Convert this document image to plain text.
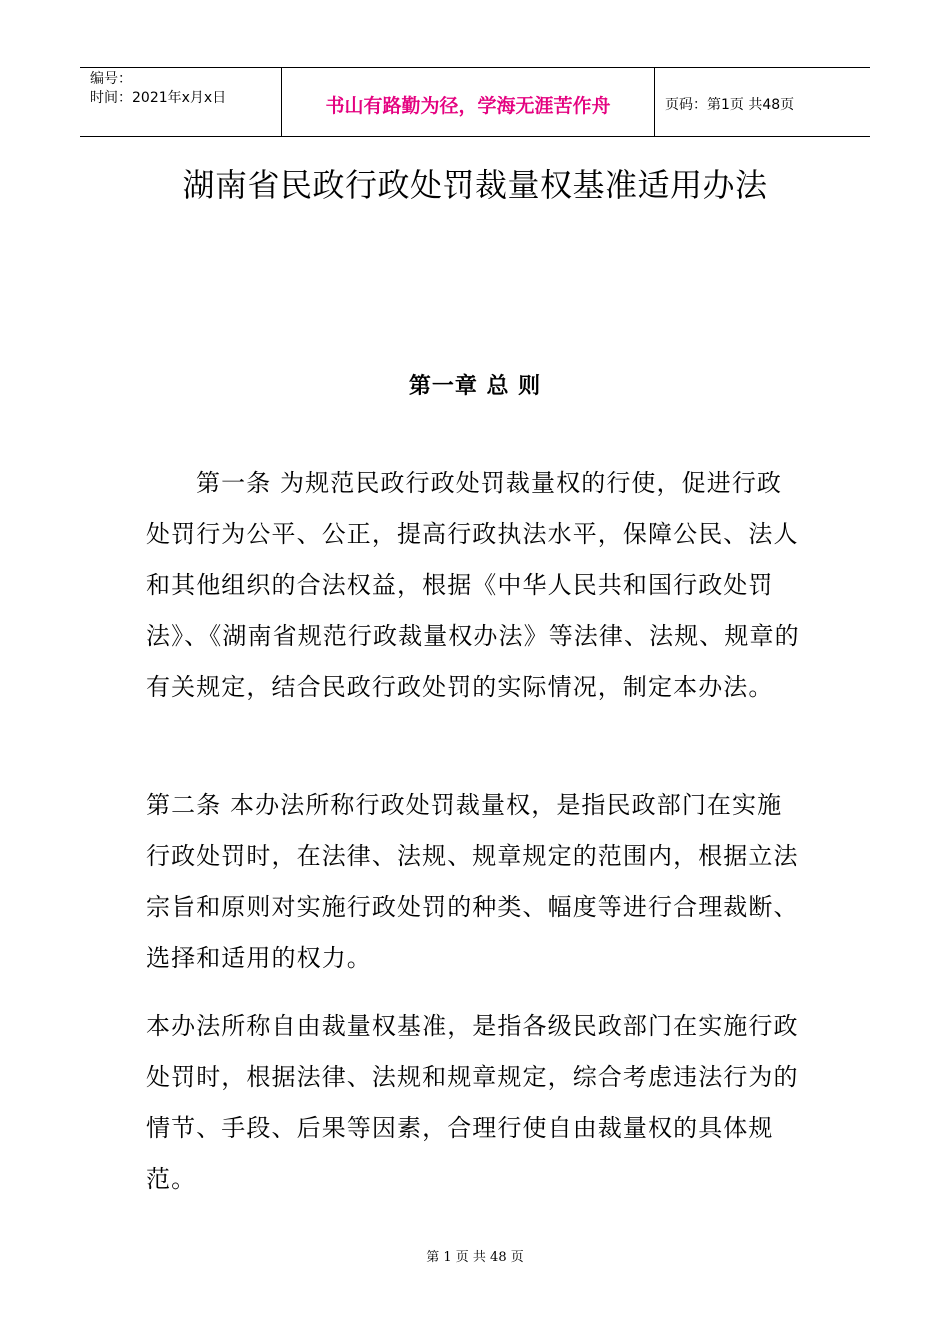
编号：
时间：2021年x月x日	书山有路勤为径，学海无涯苦作舟	页码：第1页 共48页
湖南省民政行政处罚裁量权基准适用办法
第一章 总 则

第一条 为规范民政行政处罚裁量权的行使，促进行政处罚行为公平、公正，提高行政执法水平，保障公民、法人和其他组织的合法权益，根据《中华人民共和国行政处罚法》、《湖南省规范行政裁量权办法》等法律、法规、规章的有关规定，结合民政行政处罚的实际情况，制定本办法。

第二条 本办法所称行政处罚裁量权，是指民政部门在实施行政处罚时，在法律、法规、规章规定的范围内，根据立法宗旨和原则对实施行政处罚的种类、幅度等进行合理裁断、选择和适用的权力。

本办法所称自由裁量权基准，是指各级民政部门在实施行政处罚时，根据法律、法规和规章规定，综合考虑违法行为的情节、手段、后果等因素，合理行使自由裁量权的具体规范。

第 1 页 共 48 页
